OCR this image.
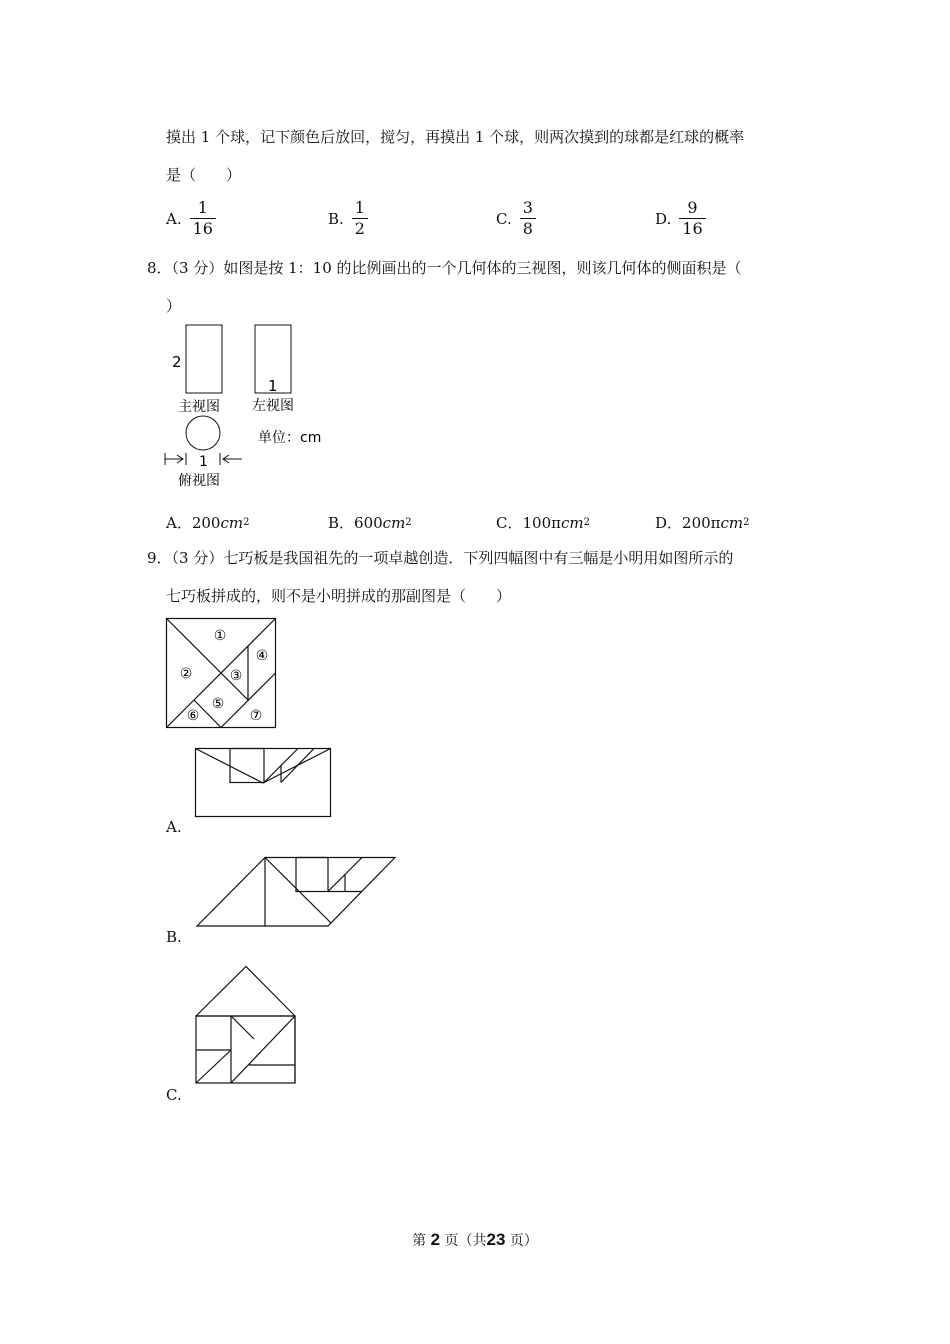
摸出 1 个球，记下颜色后放回，搅匀，再摸出 1 个球，则两次摸到的球都是红球的概率
是（　　）
A. $\frac{1}{16}$	B. $\frac{1}{2}$	C. $\frac{3}{8}$	D. $\frac{9}{16}$
8．（3 分）如图是按 1：10 的比例画出的一个几何体的三视图，则该几何体的侧面积是（
）
2
主视图
1
左视图
1
俯视图
单位：cm
A． 200 cm 2	B． 600 cm 2	C． 100 π cm 2	D． 200 π cm 2
9．（3 分）七巧板是我国祖先的一项卓越创造．下列四幅图中有三幅是小明用如图所示的
七巧板拼成的，则不是小明拼成的那副图是（　　）
①
②	③
④
⑤
⑥	⑦
A.
B.
C.
第 2 页（共23 页）
